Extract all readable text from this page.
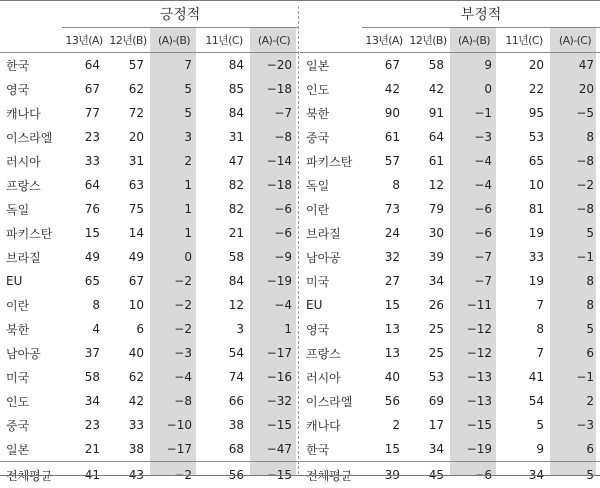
긍정적
	13년(A)	12년(B)	(A)-(B)	11년(C)	(A)-(C)
한국	64	57	7	84	−20
영국	67	62	5	85	−18
캐나다	77	72	5	84	−7
이스라엘	23	20	3	31	−8
러시아	33	31	2	47	−14
프랑스	64	63	1	82	−18
독일	76	75	1	82	−6
파키스탄	15	14	1	21	−6
브라질	49	49	0	58	−9
EU	65	67	−2	84	−19
이란	8	10	−2	12	−4
북한	4	6	−2	3	1
남아공	37	40	−3	54	−17
미국	58	62	−4	74	−16
인도	34	42	−8	66	−32
중국	23	33	−10	38	−15
일본	21	38	−17	68	−47
전체평균	41	43	−2	56	−15
부정적
	13년(A)	12년(B)	(A)-(B)	11년(C)	(A)-(C)
일본	67	58	9	20	47
인도	42	42	0	22	20
북한	90	91	−1	95	−5
중국	61	64	−3	53	8
파키스탄	57	61	−4	65	−8
독일	8	12	−4	10	−2
이란	73	79	−6	81	−8
브라질	24	30	−6	19	5
남아공	32	39	−7	33	−1
미국	27	34	−7	19	8
EU	15	26	−11	7	8
영국	13	25	−12	8	5
프랑스	13	25	−12	7	6
러시아	40	53	−13	41	−1
이스라엘	56	69	−13	54	2
캐나다	2	17	−15	5	−3
한국	15	34	−19	9	6
전체평균	39	45	−6	34	5
